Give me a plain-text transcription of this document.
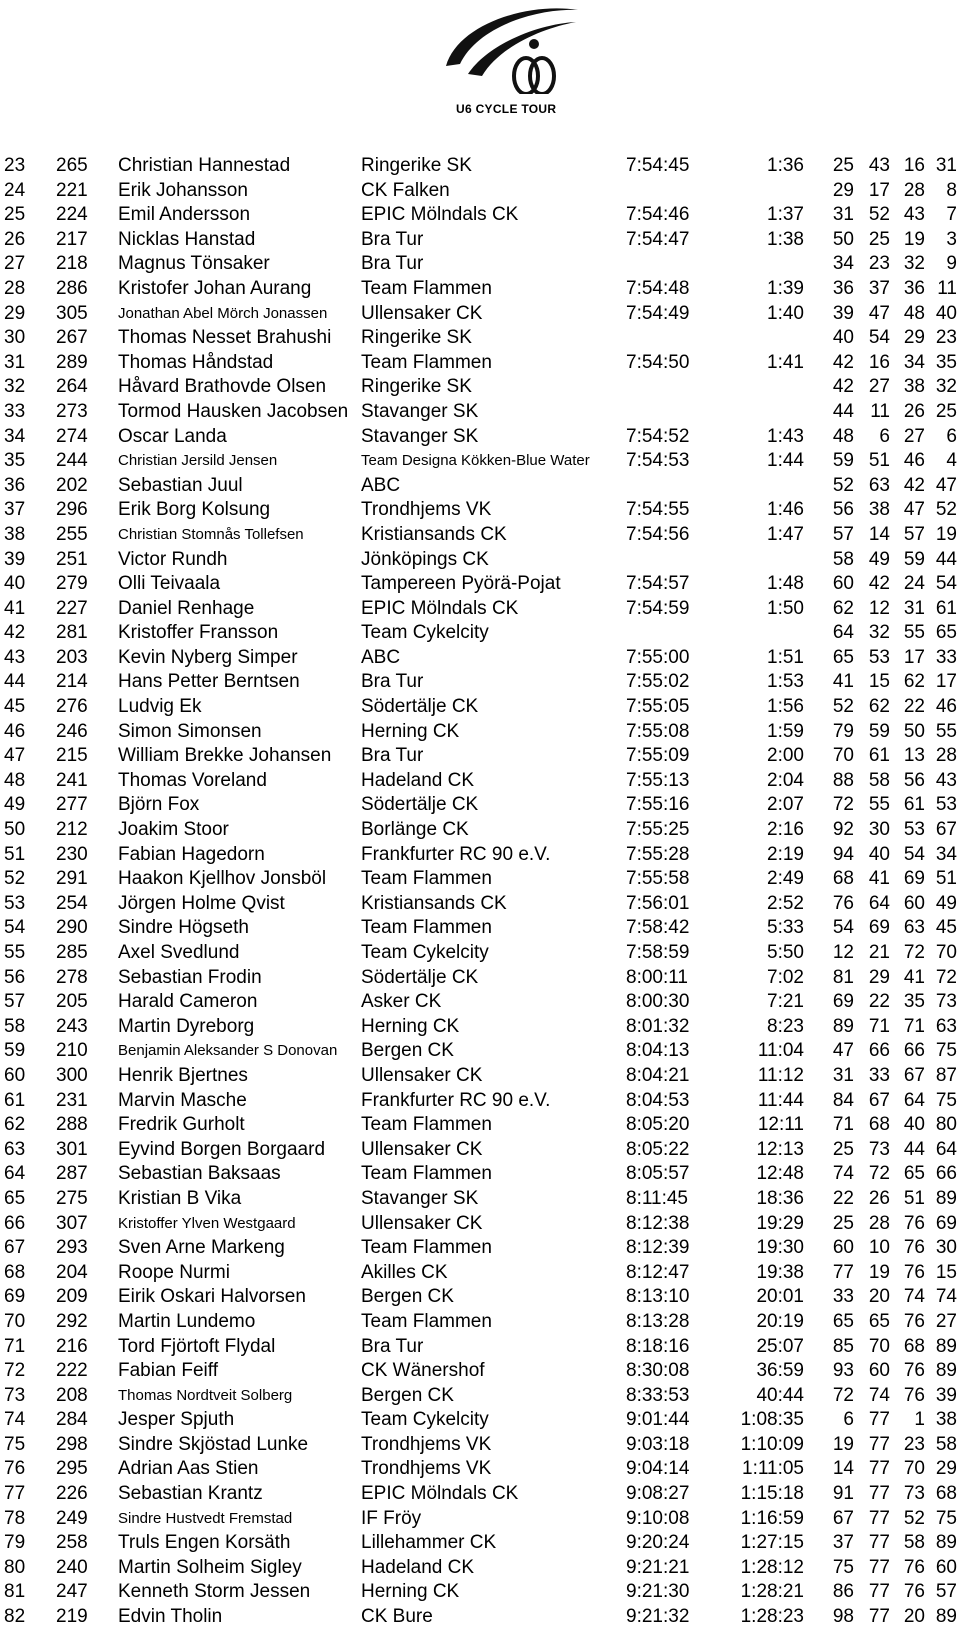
U6 CYCLE TOUR
23	265	Christian Hannestad	Ringerike SK	7:54:45	1:36	25	43	16	31
24	221	Erik Johansson	CK Falken			29	17	28	8
25	224	Emil Andersson	EPIC Mölndals CK	7:54:46	1:37	31	52	43	7
26	217	Nicklas Hanstad	Bra Tur	7:54:47	1:38	50	25	19	3
27	218	Magnus Tönsaker	Bra Tur			34	23	32	9
28	286	Kristofer Johan Aurang	Team Flammen	7:54:48	1:39	36	37	36	11
29	305	Jonathan Abel Mörch Jonassen	Ullensaker CK	7:54:49	1:40	39	47	48	40
30	267	Thomas Nesset Brahushi	Ringerike SK			40	54	29	23
31	289	Thomas Håndstad	Team Flammen	7:54:50	1:41	42	16	34	35
32	264	Håvard Brathovde Olsen	Ringerike SK			42	27	38	32
33	273	Tormod Hausken Jacobsen	Stavanger SK			44	11	26	25
34	274	Oscar Landa	Stavanger SK	7:54:52	1:43	48	6	27	6
35	244	Christian Jersild Jensen	Team Designa Kökken-Blue Water	7:54:53	1:44	59	51	46	4
36	202	Sebastian Juul	ABC			52	63	42	47
37	296	Erik Borg Kolsung	Trondhjems VK	7:54:55	1:46	56	38	47	52
38	255	Christian Stomnås Tollefsen	Kristiansands CK	7:54:56	1:47	57	14	57	19
39	251	Victor Rundh	Jönköpings CK			58	49	59	44
40	279	Olli Teivaala	Tampereen Pyörä-Pojat	7:54:57	1:48	60	42	24	54
41	227	Daniel Renhage	EPIC Mölndals CK	7:54:59	1:50	62	12	31	61
42	281	Kristoffer Fransson	Team Cykelcity			64	32	55	65
43	203	Kevin Nyberg Simper	ABC	7:55:00	1:51	65	53	17	33
44	214	Hans Petter Berntsen	Bra Tur	7:55:02	1:53	41	15	62	17
45	276	Ludvig Ek	Södertälje CK	7:55:05	1:56	52	62	22	46
46	246	Simon Simonsen	Herning CK	7:55:08	1:59	79	59	50	55
47	215	William Brekke Johansen	Bra Tur	7:55:09	2:00	70	61	13	28
48	241	Thomas Voreland	Hadeland CK	7:55:13	2:04	88	58	56	43
49	277	Björn Fox	Södertälje CK	7:55:16	2:07	72	55	61	53
50	212	Joakim Stoor	Borlänge CK	7:55:25	2:16	92	30	53	67
51	230	Fabian Hagedorn	Frankfurter RC 90 e.V.	7:55:28	2:19	94	40	54	34
52	291	Haakon Kjellhov Jonsböl	Team Flammen	7:55:58	2:49	68	41	69	51
53	254	Jörgen Holme Qvist	Kristiansands CK	7:56:01	2:52	76	64	60	49
54	290	Sindre Högseth	Team Flammen	7:58:42	5:33	54	69	63	45
55	285	Axel Svedlund	Team Cykelcity	7:58:59	5:50	12	21	72	70
56	278	Sebastian Frodin	Södertälje CK	8:00:11	7:02	81	29	41	72
57	205	Harald Cameron	Asker CK	8:00:30	7:21	69	22	35	73
58	243	Martin Dyreborg	Herning CK	8:01:32	8:23	89	71	71	63
59	210	Benjamin Aleksander S Donovan	Bergen CK	8:04:13	11:04	47	66	66	75
60	300	Henrik Bjertnes	Ullensaker CK	8:04:21	11:12	31	33	67	87
61	231	Marvin Masche	Frankfurter RC 90 e.V.	8:04:53	11:44	84	67	64	75
62	288	Fredrik Gurholt	Team Flammen	8:05:20	12:11	71	68	40	80
63	301	Eyvind Borgen Borgaard	Ullensaker CK	8:05:22	12:13	25	73	44	64
64	287	Sebastian Baksaas	Team Flammen	8:05:57	12:48	74	72	65	66
65	275	Kristian B Vika	Stavanger SK	8:11:45	18:36	22	26	51	89
66	307	Kristoffer Ylven Westgaard	Ullensaker CK	8:12:38	19:29	25	28	76	69
67	293	Sven Arne Markeng	Team Flammen	8:12:39	19:30	60	10	76	30
68	204	Roope Nurmi	Akilles CK	8:12:47	19:38	77	19	76	15
69	209	Eirik Oskari Halvorsen	Bergen CK	8:13:10	20:01	33	20	74	74
70	292	Martin Lundemo	Team Flammen	8:13:28	20:19	65	65	76	27
71	216	Tord Fjörtoft Flydal	Bra Tur	8:18:16	25:07	85	70	68	89
72	222	Fabian Feiff	CK Wänershof	8:30:08	36:59	93	60	76	89
73	208	Thomas Nordtveit Solberg	Bergen CK	8:33:53	40:44	72	74	76	39
74	284	Jesper Spjuth	Team Cykelcity	9:01:44	1:08:35	6	77	1	38
75	298	Sindre Skjöstad Lunke	Trondhjems VK	9:03:18	1:10:09	19	77	23	58
76	295	Adrian Aas Stien	Trondhjems VK	9:04:14	1:11:05	14	77	70	29
77	226	Sebastian Krantz	EPIC Mölndals CK	9:08:27	1:15:18	91	77	73	68
78	249	Sindre Hustvedt Fremstad	IF Fröy	9:10:08	1:16:59	67	77	52	75
79	258	Truls Engen Korsäth	Lillehammer CK	9:20:24	1:27:15	37	77	58	89
80	240	Martin Solheim Sigley	Hadeland CK	9:21:21	1:28:12	75	77	76	60
81	247	Kenneth Storm Jessen	Herning CK	9:21:30	1:28:21	86	77	76	57
82	219	Edvin Tholin	CK Bure	9:21:32	1:28:23	98	77	20	89
